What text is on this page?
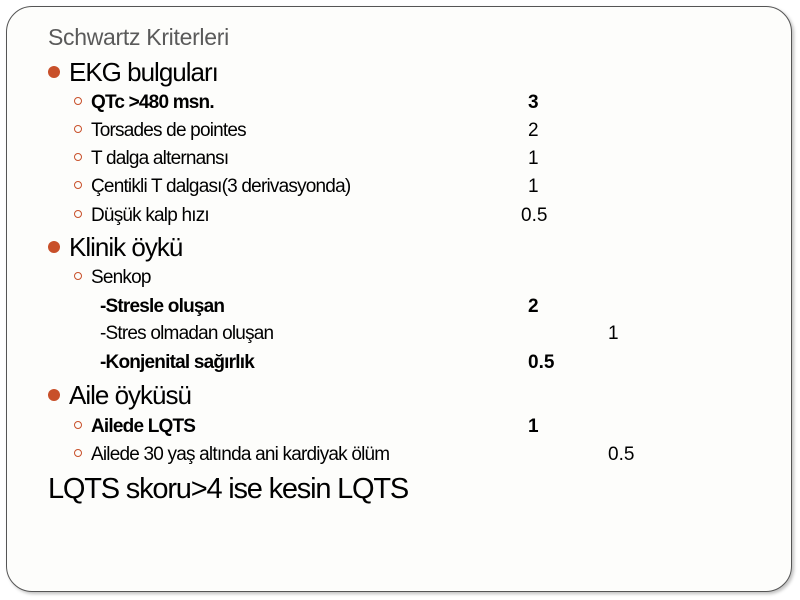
Schwartz Kriterleri
EKG bulguları
QTc >480 msn.	3
Torsades de pointes	2
T dalga alternansı	1
Çentikli T dalgası(3 derivasyonda)	1
Düşük kalp hızı	0.5
Klinik öykü
Senkop
-Stresle oluşan	2
-Stres olmadan oluşan	1
-Konjenital sağırlık	0.5
Aile öyküsü
Ailede LQTS	1
Ailede 30 yaş altında ani kardiyak ölüm	0.5
LQTS skoru>4 ise kesin LQTS
